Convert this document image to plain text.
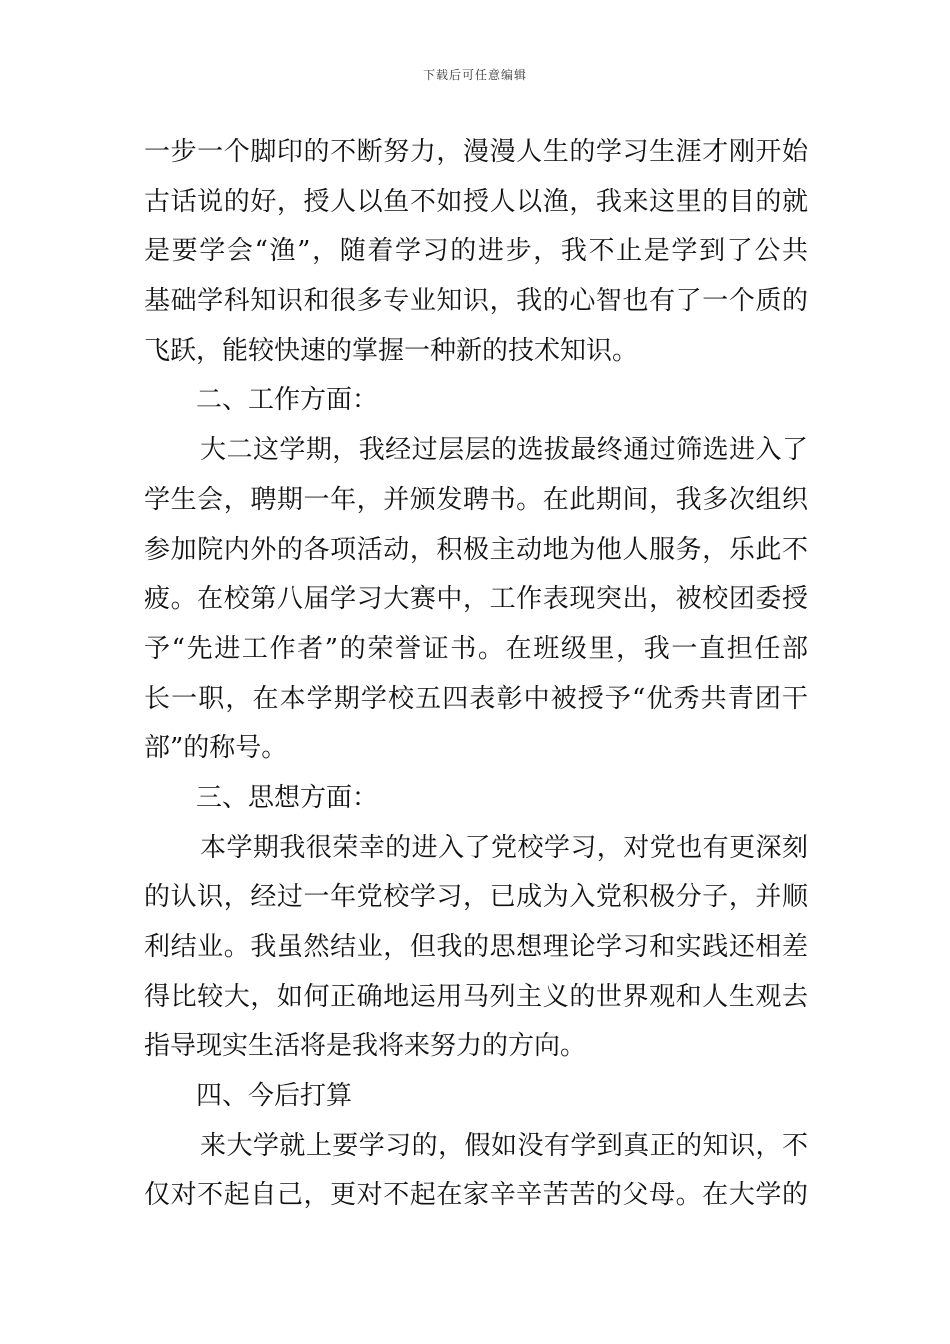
下载后可任意编辑
一步一个脚印的不断努力，漫漫人生的学习生涯才刚开始
古话说的好，授人以鱼不如授人以渔，我来这里的目的就
是要学会“渔”，随着学习的进步，我不止是学到了公共
基础学科知识和很多专业知识，我的心智也有了一个质的
飞跃，能较快速的掌握一种新的技术知识。
二、工作方面：
大二这学期，我经过层层的选拔最终通过筛选进入了
学生会，聘期一年，并颁发聘书。在此期间，我多次组织
参加院内外的各项活动，积极主动地为他人服务，乐此不
疲。在校第八届学习大赛中，工作表现突出，被校团委授
予“先进工作者”的荣誉证书。在班级里，我一直担任部
长一职，在本学期学校五四表彰中被授予“优秀共青团干
部”的称号。
三、思想方面：
本学期我很荣幸的进入了党校学习，对党也有更深刻
的认识，经过一年党校学习，已成为入党积极分子，并顺
利结业。我虽然结业，但我的思想理论学习和实践还相差
得比较大，如何正确地运用马列主义的世界观和人生观去
指导现实生活将是我将来努力的方向。
四、今后打算
来大学就上要学习的，假如没有学到真正的知识，不
仅对不起自己，更对不起在家辛辛苦苦的父母。在大学的
